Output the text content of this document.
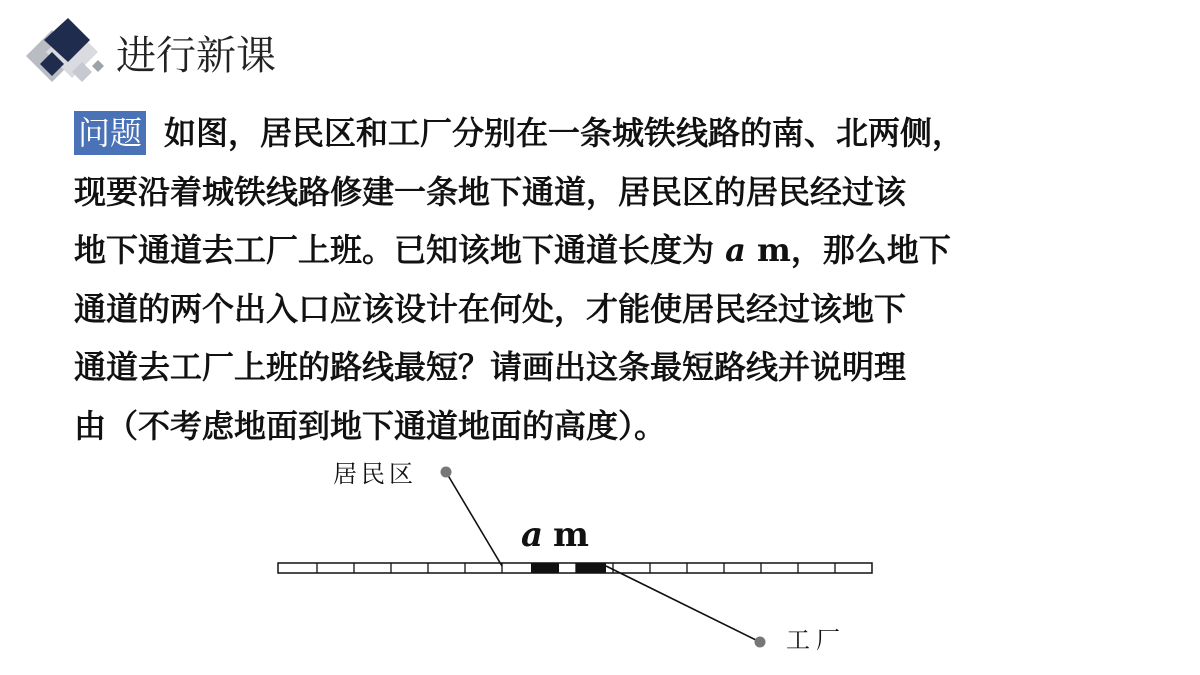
进行新课
问题 如图，居民区和工厂分别在一条城铁线路的南、北两侧，
现要沿着城铁线路修建一条地下通道，居民区的居民经过该
地下通道去工厂上班。已知该地下通道长度为 a m，那么地下
通道的两个出入口应该设计在何处，才能使居民经过该地下
通道去工厂上班的路线最短？请画出这条最短路线并说明理
由（不考虑地面到地下通道地面的高度）。
居民区
工厂
a m
